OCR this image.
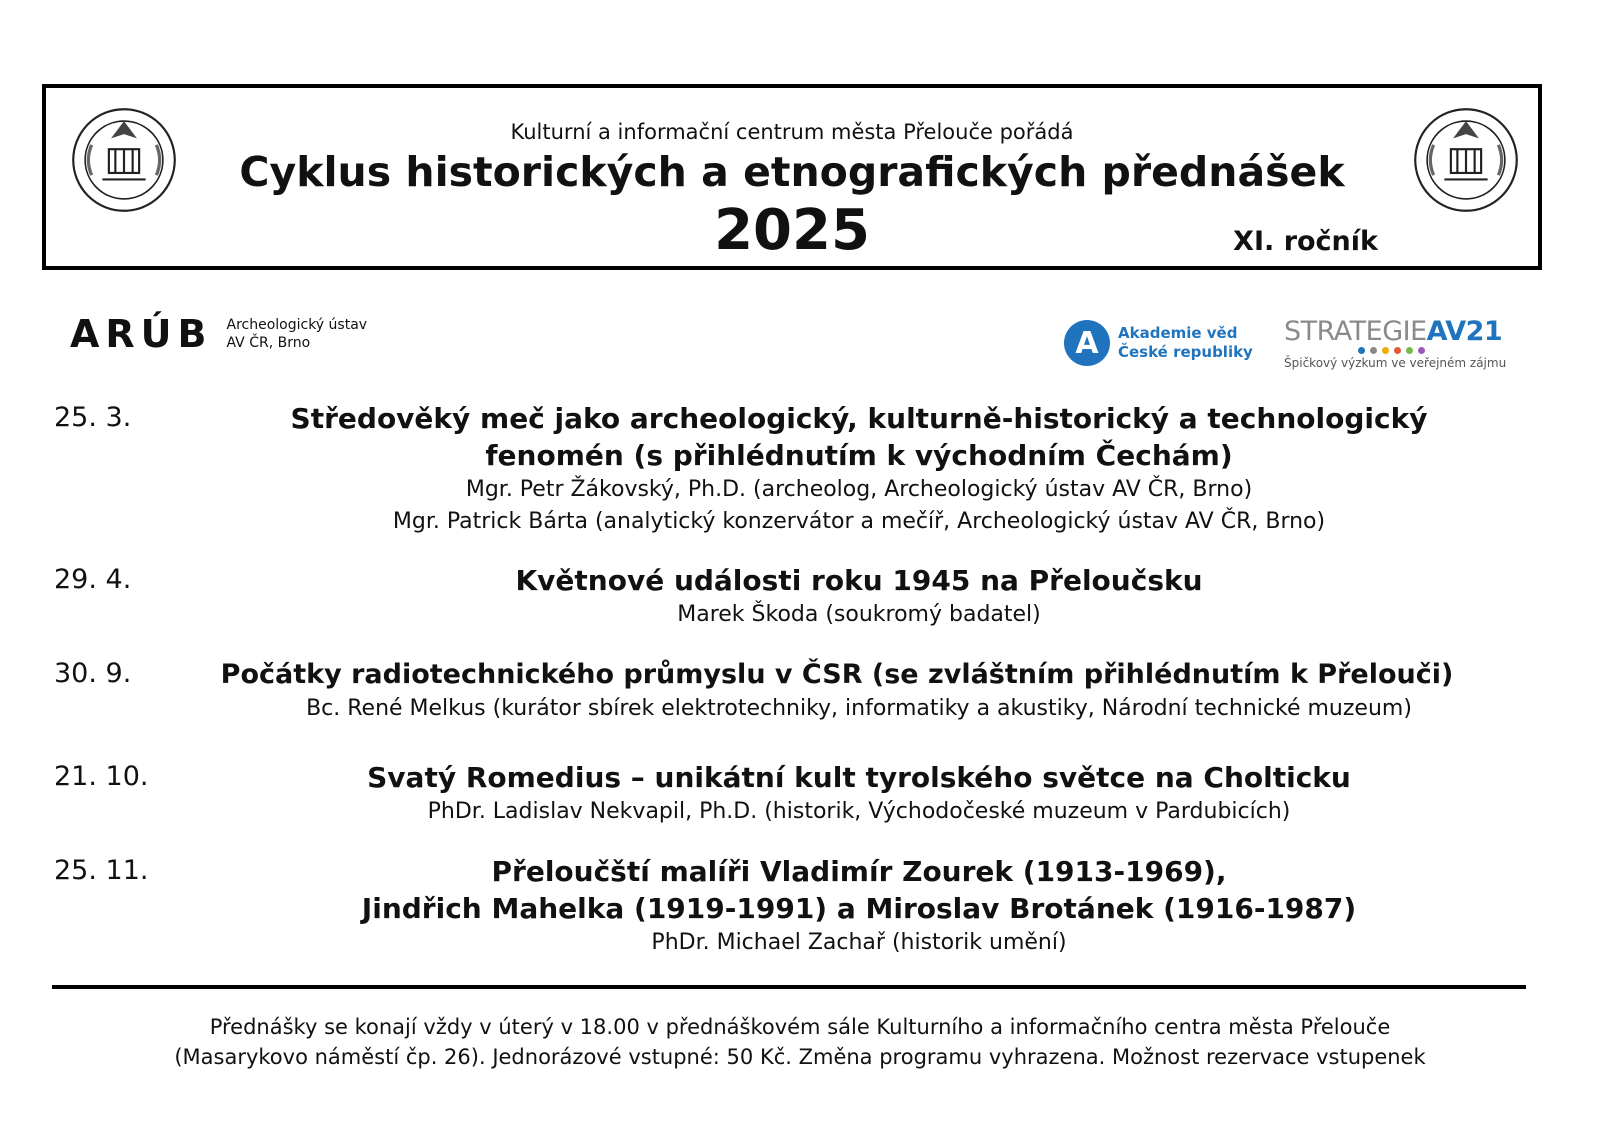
Kulturní a informační centrum města Přelouče pořádá
Cyklus historických a etnografických přednášek
2025	XI. ročník
ARÚB Archeologický ústav
AV ČR, Brno	A	Akademie věd
České republiky
STRATEGIEAV21
Špičkový výzkum ve veřejném zájmu
25. 3.	Středověký meč jako archeologický, kulturně-historický a technologický
fenomén (s přihlédnutím k východním Čechám)
Mgr. Petr Žákovský, Ph.D. (archeolog, Archeologický ústav AV ČR, Brno)
Mgr. Patrick Bárta (analytický konzervátor a mečíř, Archeologický ústav AV ČR, Brno)
29. 4.	Květnové události roku 1945 na Přeloučsku
Marek Škoda (soukromý badatel)
30. 9.	Počátky radiotechnického průmyslu v ČSR (se zvláštním přihlédnutím k Přelouči)
Bc. René Melkus (kurátor sbírek elektrotechniky, informatiky a akustiky, Národní technické muzeum)
21. 10.	Svatý Romedius – unikátní kult tyrolského světce na Cholticku
PhDr. Ladislav Nekvapil, Ph.D. (historik, Východočeské muzeum v Pardubicích)
25. 11.	Přeloučští malíři Vladimír Zourek (1913-1969),
Jindřich Mahelka (1919-1991) a Miroslav Brotánek (1916-1987)
PhDr. Michael Zachař (historik umění)
Přednášky se konají vždy v úterý v 18.00 v přednáškovém sále Kulturního a informačního centra města Přelouče
(Masarykovo náměstí čp. 26). Jednorázové vstupné: 50 Kč. Změna programu vyhrazena. Možnost rezervace vstupenek
